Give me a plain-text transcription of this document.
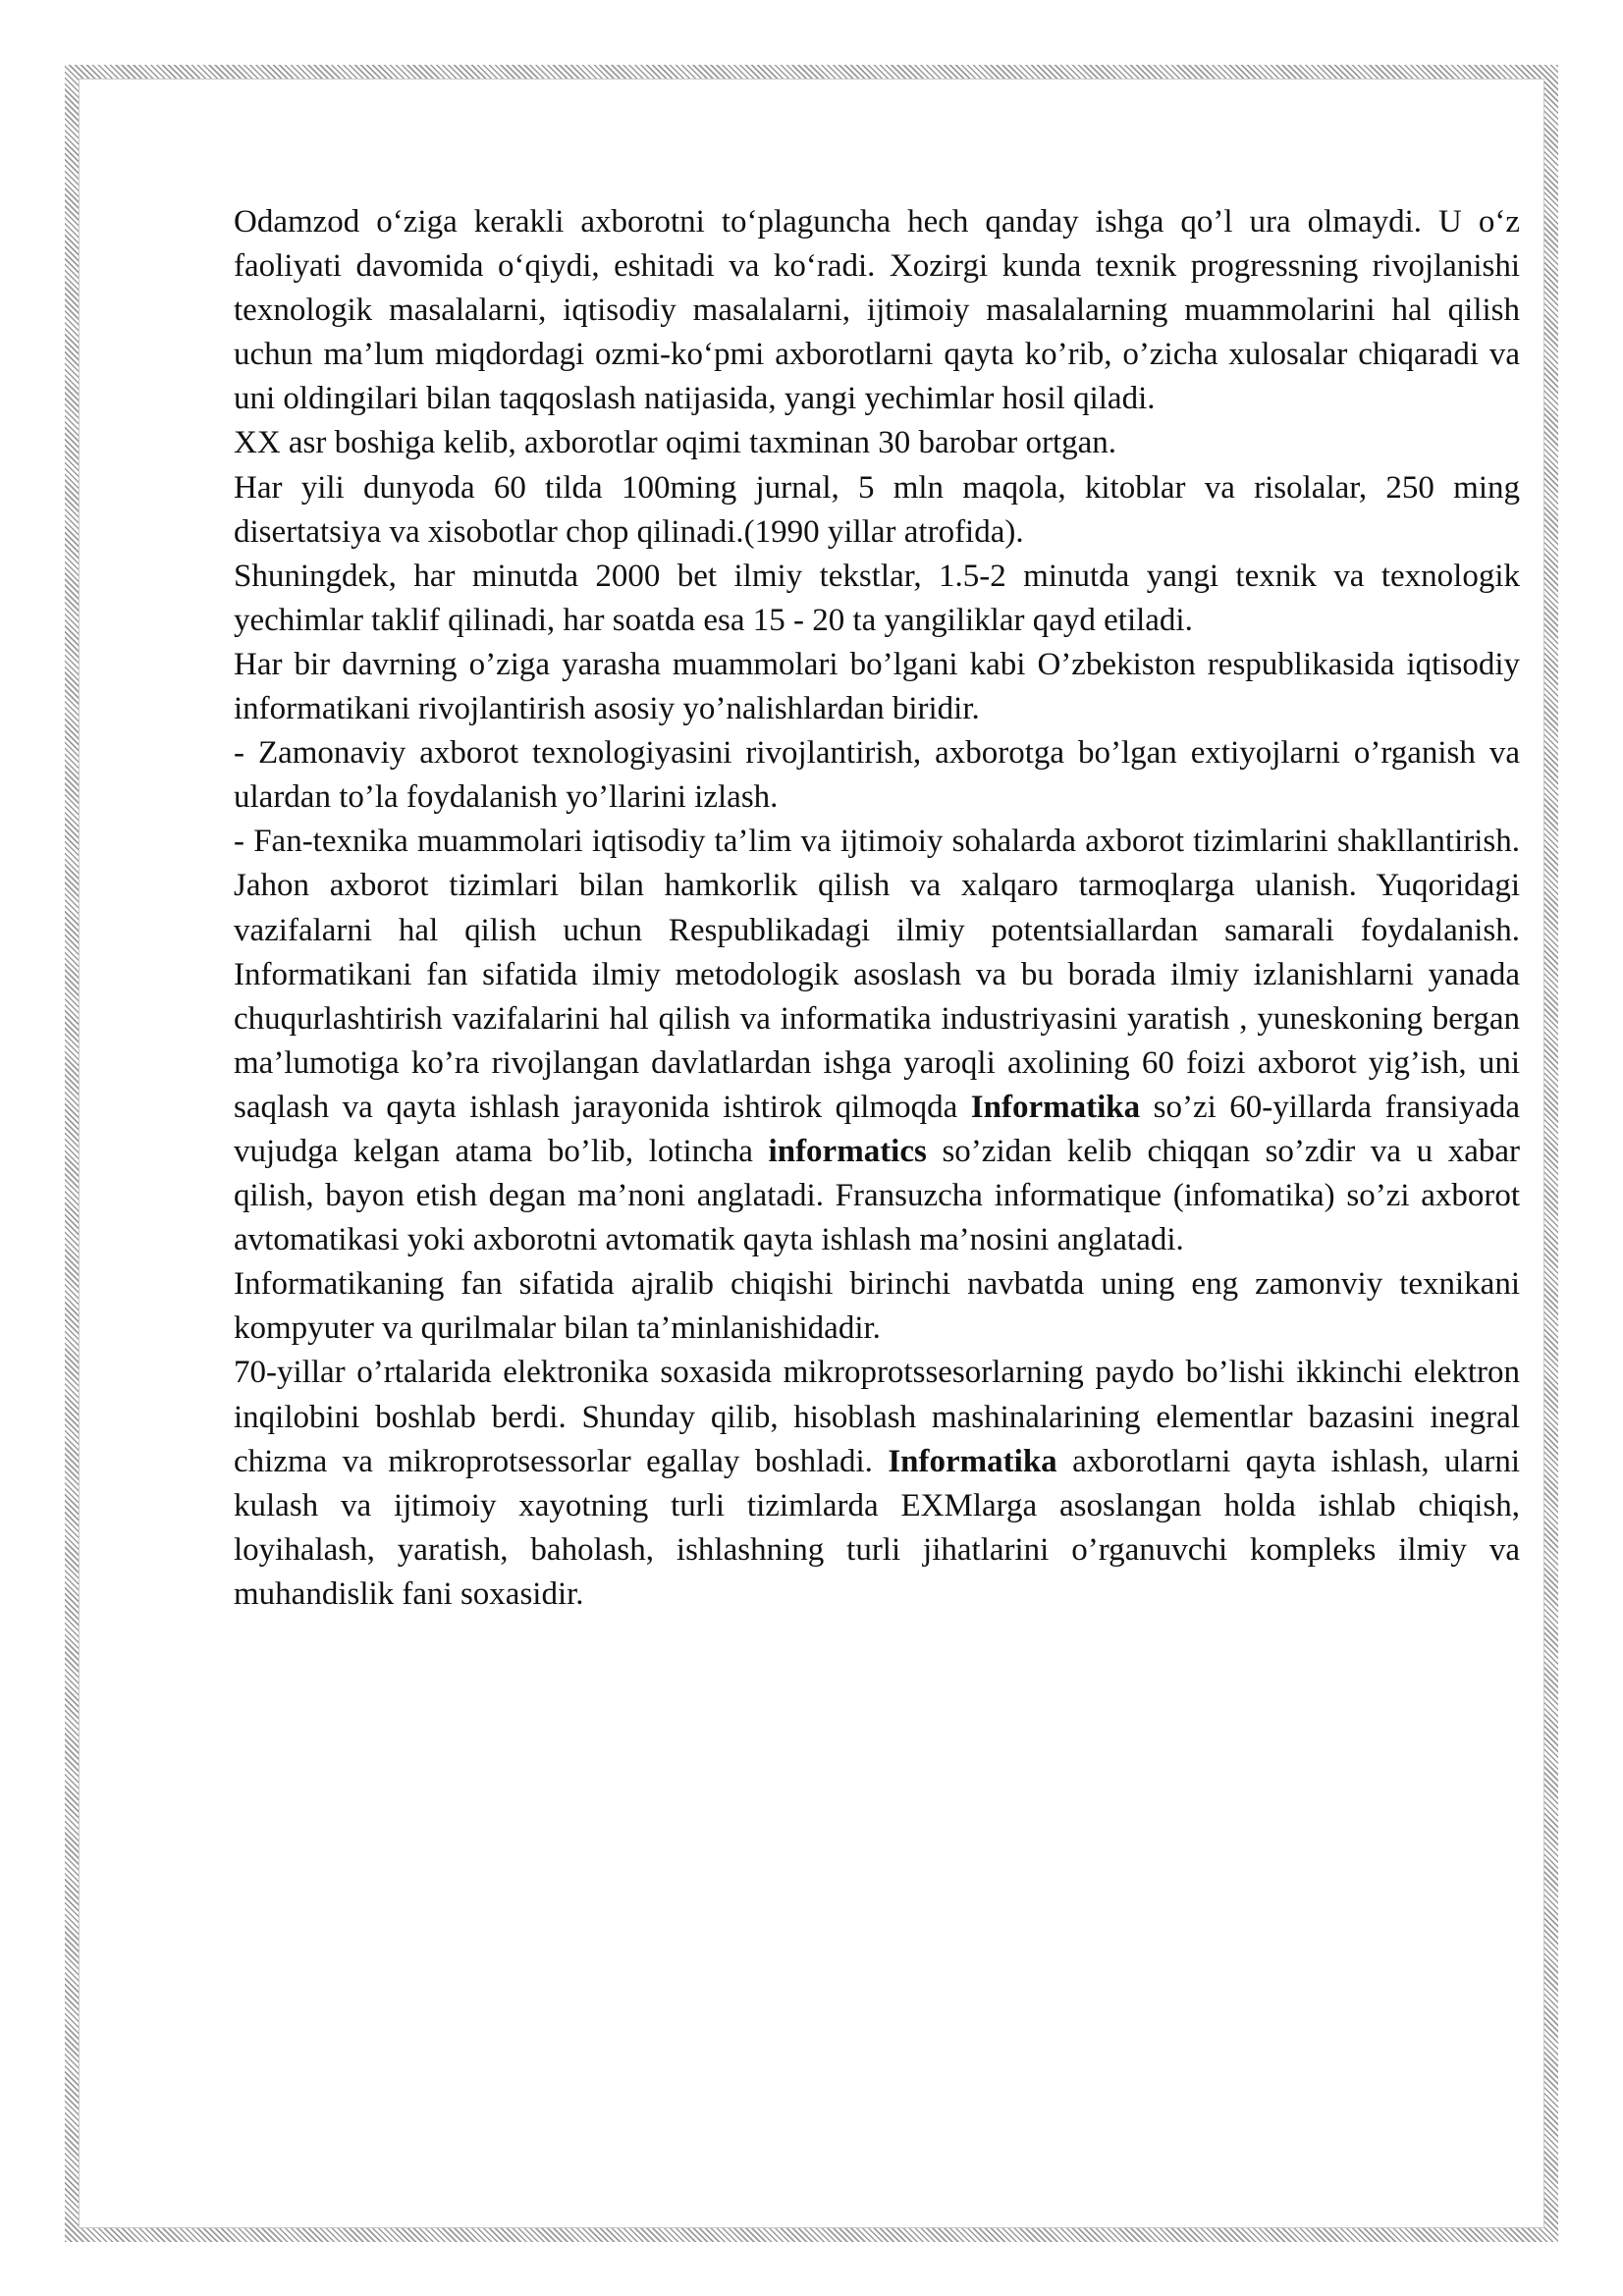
Odamzod o‘ziga kerakli axborotni to‘plaguncha hech qanday ishga qo’l ura olmaydi. U o‘z faoliyati davomida o‘qiydi, eshitadi va ko‘radi. Xozirgi kunda texnik progressning rivojlanishi texnologik masalalarni, iqtisodiy masalalarni, ijtimoiy masalalarning muammolarini hal qilish uchun ma’lum miqdordagi ozmi-ko‘pmi axborotlarni qayta ko’rib, o’zicha xulosalar chiqaradi va uni oldingilari bilan taqqoslash natijasida, yangi yechimlar hosil qiladi.

XX asr boshiga kelib, axborotlar oqimi taxminan 30 barobar ortgan.

Har yili dunyoda 60 tilda 100ming jurnal, 5 mln maqola, kitoblar va risolalar, 250 ming disertatsiya va xisobotlar chop qilinadi.(1990 yillar atrofida).

Shuningdek, har minutda 2000 bet ilmiy tekstlar, 1.5-2 minutda yangi texnik va texnologik yechimlar taklif qilinadi, har soatda esa 15 - 20 ta yangiliklar qayd etiladi.

Har bir davrning o’ziga yarasha muammolari bo’lgani kabi O’zbekiston respublikasida iqtisodiy informatikani rivojlantirish asosiy yo’nalishlardan biridir.

- Zamonaviy axborot texnologiyasini rivojlantirish, axborotga bo’lgan extiyojlarni o’rganish va ulardan to’la foydalanish yo’llarini izlash.

- Fan-texnika muammolari iqtisodiy ta’lim va ijtimoiy sohalarda axborot tizimlarini shakllantirish. Jahon axborot tizimlari bilan hamkorlik qilish va xalqaro tarmoqlarga ulanish. Yuqoridagi vazifalarni hal qilish uchun Respublikadagi ilmiy potentsiallardan samarali foydalanish. Informatikani fan sifatida ilmiy metodologik asoslash va bu borada ilmiy izlanishlarni yanada chuqurlashtirish vazifalarini hal qilish va informatika industriyasini yaratish , yuneskoning bergan ma’lumotiga ko’ra rivojlangan davlatlardan ishga yaroqli axolining 60 foizi axborot yig’ish, uni saqlash va qayta ishlash jarayonida ishtirok qilmoqda Informatika so’zi 60-yillarda fransiyada vujudga kelgan atama bo’lib, lotincha informatics so’zidan kelib chiqqan so’zdir va u xabar qilish, bayon etish degan ma’noni anglatadi. Fransuzcha informatique (infomatika) so’zi axborot avtomatikasi yoki axborotni avtomatik qayta ishlash ma’nosini anglatadi.

Informatikaning fan sifatida ajralib chiqishi birinchi navbatda uning eng zamonviy texnikani kompyuter va qurilmalar bilan ta’minlanishidadir.

70-yillar o’rtalarida elektronika soxasida mikroprotssesorlarning paydo bo’lishi ikkinchi elektron inqilobini boshlab berdi. Shunday qilib, hisoblash mashinalarining elementlar bazasini inegral chizma va mikroprotsessorlar egallay boshladi. Informatika axborotlarni qayta ishlash, ularni kulash va ijtimoiy xayotning turli tizimlarda EXMlarga asoslangan holda ishlab chiqish, loyihalash, yaratish, baholash, ishlashning turli jihatlarini o’rganuvchi kompleks ilmiy va muhandislik fani soxasidir.
